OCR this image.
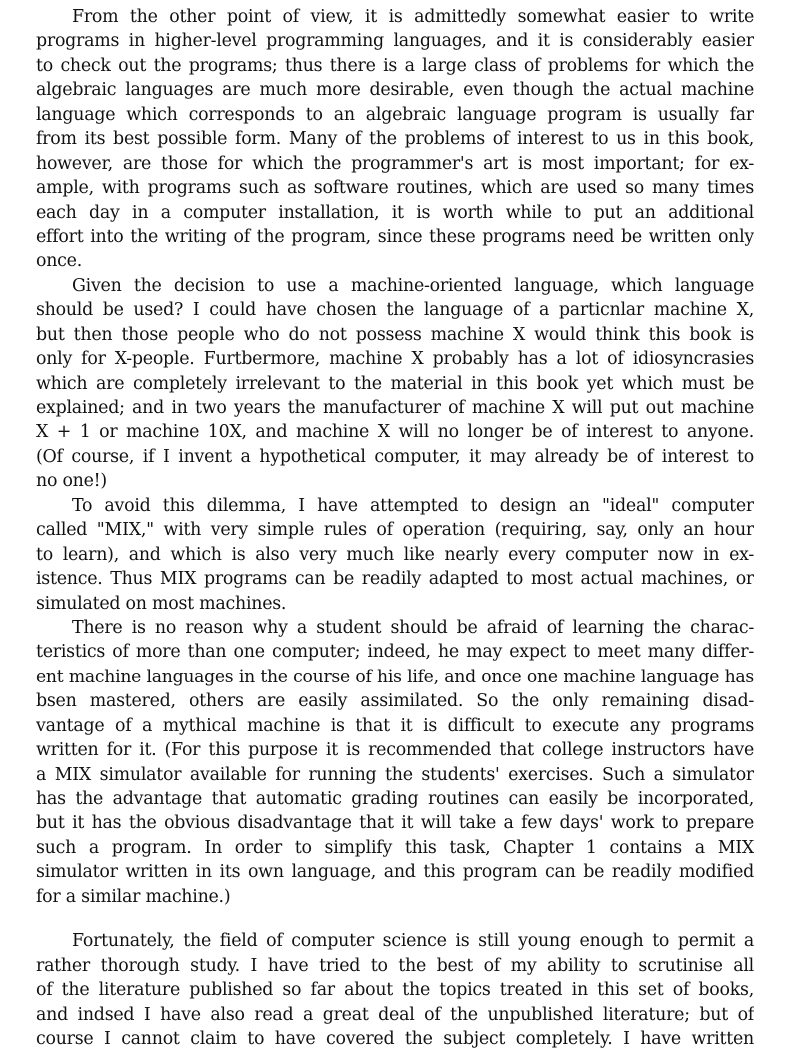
From the other point of view, it is admittedly somewhat easier to write
programs in higher-level programming languages, and it is considerably easier
to check out the programs; thus there is a large class of problems for which the
algebraic languages are much more desirable, even though the actual machine
language which corresponds to an algebraic language program is usually far
from its best possible form. Many of the problems of interest to us in this book,
however, are those for which the programmer's art is most important; for ex-
ample, with programs such as software routines, which are used so many times
each day in a computer installation, it is worth while to put an additional
effort into the writing of the program, since these programs need be written only
once.
Given the decision to use a machine-oriented language, which language
should be used? I could have chosen the language of a particnlar machine X,
but then those people who do not possess machine X would think this book is
only for X-people. Furtbermore, machine X probably has a lot of idiosyncrasies
which are completely irrelevant to the material in this book yet which must be
explained; and in two years the manufacturer of machine X will put out machine
X + 1 or machine 10X, and machine X will no longer be of interest to anyone.
(Of course, if I invent a hypothetical computer, it may already be of interest to
no one!)
To avoid this dilemma, I have attempted to design an "ideal" computer
called "MIX," with very simple rules of operation (requiring, say, only an hour
to learn), and which is also very much like nearly every computer now in ex-
istence. Thus MIX programs can be readily adapted to most actual machines, or
simulated on most machines.
There is no reason why a student should be afraid of learning the charac-
teristics of more than one computer; indeed, he may expect to meet many differ-
ent machine languages in the course of his life, and once one machine language has
bsen mastered, others are easily assimilated. So the only remaining disad-
vantage of a mythical machine is that it is difficult to execute any programs
written for it. (For this purpose it is recommended that college instructors have
a MIX simulator available for running the students' exercises. Such a simulator
has the advantage that automatic grading routines can easily be incorporated,
but it has the obvious disadvantage that it will take a few days' work to prepare
such a program. In order to simplify this task, Chapter 1 contains a MIX
simulator written in its own language, and this program can be readily modified
for a similar machine.)
Fortunately, the field of computer science is still young enough to permit a
rather thorough study. I have tried to the best of my ability to scrutinise all
of the literature published so far about the topics treated in this set of books,
and indsed I have also read a great deal of the unpublished literature; but of
course I cannot claim to have covered the subject completely. I have written
